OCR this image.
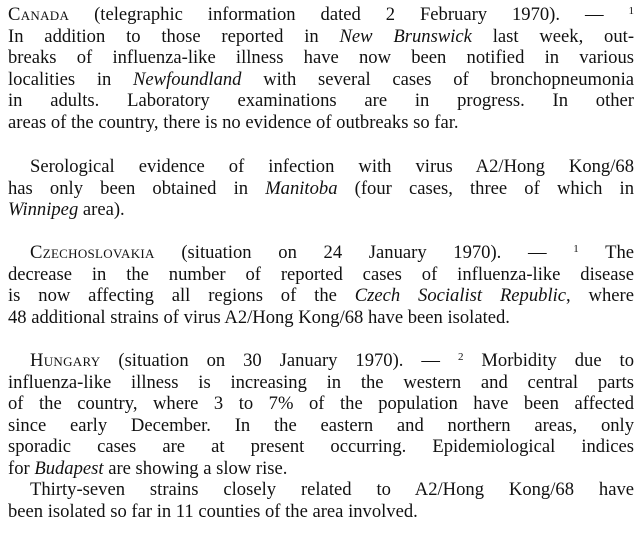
Canada (telegraphic information dated 2 February 1970). — $^1$
In addition to those reported in New Brunswick last week, out-
breaks of influenza-like illness have now been notified in various
localities in Newfoundland with several cases of bronchopneumonia
in adults. Laboratory examinations are in progress. In other
areas of the country, there is no evidence of outbreaks so far.
Serological evidence of infection with virus A2/Hong Kong/68
has only been obtained in Manitoba (four cases, three of which in
Winnipeg area).
Czechoslovakia (situation on 24 January 1970). — $^1$ The
decrease in the number of reported cases of influenza-like disease
is now affecting all regions of the Czech Socialist Republic, where
48 additional strains of virus A2/Hong Kong/68 have been isolated.
Hungary (situation on 30 January 1970). — $^2$ Morbidity due to
influenza-like illness is increasing in the western and central parts
of the country, where 3 to 7% of the population have been affected
since early December. In the eastern and northern areas, only
sporadic cases are at present occurring. Epidemiological indices
for Budapest are showing a slow rise.
Thirty-seven strains closely related to A2/Hong Kong/68 have
been isolated so far in 11 counties of the area involved.
